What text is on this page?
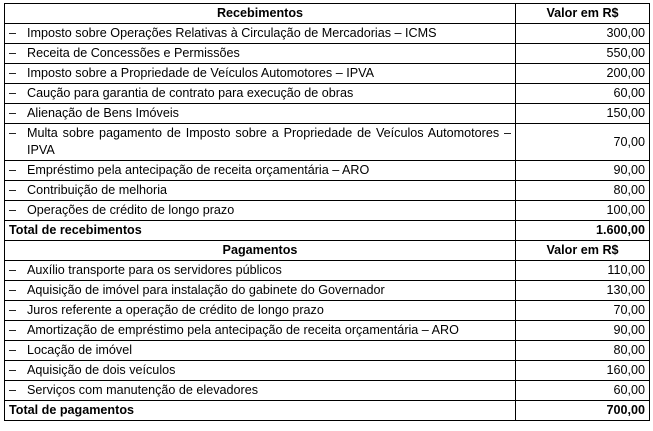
Recebimentos	Valor em R$

– Imposto sobre Operações Relativas à Circulação de Mercadorias – ICMS	300,00

– Receita de Concessões e Permissões	550,00

– Imposto sobre a Propriedade de Veículos Automotores – IPVA	200,00

– Caução para garantia de contrato para execução de obras	60,00

– Alienação de Bens Imóveis	150,00

– Multa sobre pagamento de Imposto sobre a Propriedade de Veículos Automotores – IPVA	70,00

– Empréstimo pela antecipação de receita orçamentária – ARO	90,00

– Contribuição de melhoria	80,00

– Operações de crédito de longo prazo	100,00
Total de recebimentos	1.600,00
Pagamentos	Valor em R$

– Auxílio transporte para os servidores públicos	110,00

– Aquisição de imóvel para instalação do gabinete do Governador	130,00

– Juros referente a operação de crédito de longo prazo	70,00

– Amortização de empréstimo pela antecipação de receita orçamentária – ARO	90,00

– Locação de imóvel	80,00

– Aquisição de dois veículos	160,00

– Serviços com manutenção de elevadores	60,00
Total de pagamentos	700,00
